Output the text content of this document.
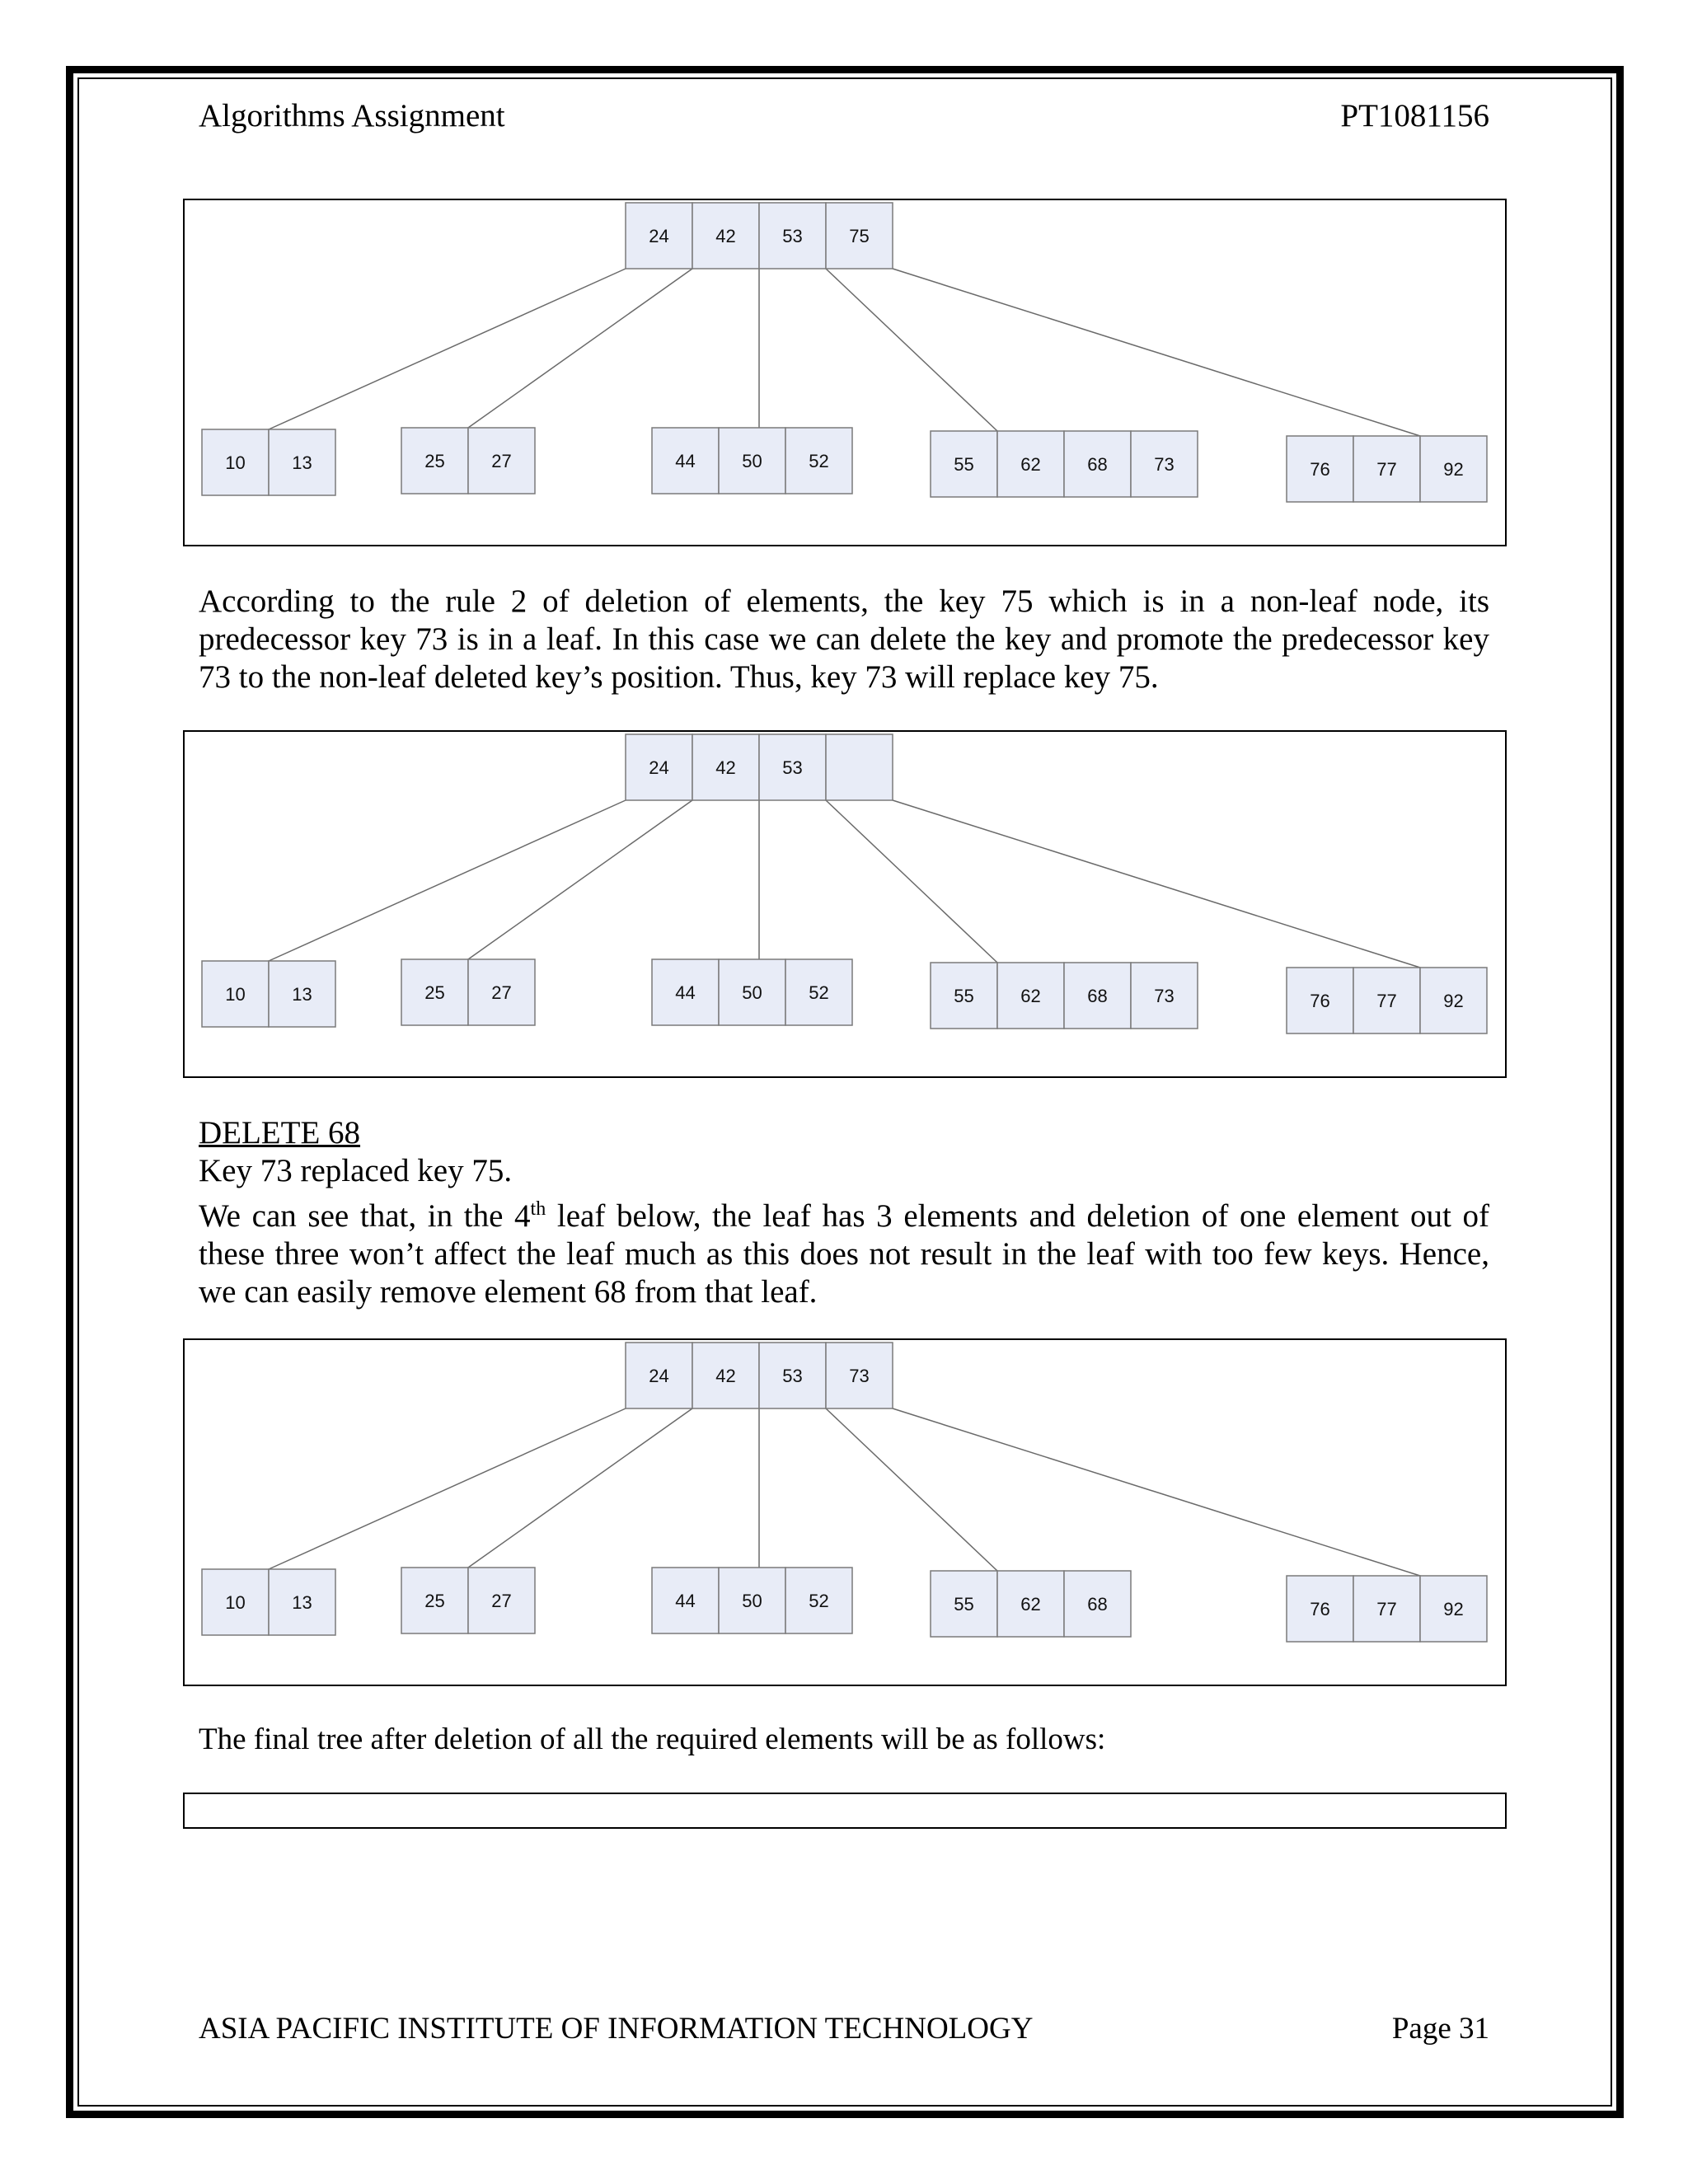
Algorithms Assignment	PT1081156
24	42	53	75
10	13	25	27	44	50	52	55	62	68	73	76	77	92
According to the rule 2 of deletion of elements, the key 75 which is in a non-leaf node, its predecessor key 73 is in a leaf. In this case we can delete the key and promote the predecessor key 73 to the non-leaf deleted key’s position. Thus, key 73 will replace key 75.
24	42	53
10	13	25	27	44	50	52	55	62	68	73	76	77	92
DELETE 68
Key 73 replaced key 75.
We can see that, in the 4th leaf below, the leaf has 3 elements and deletion of one element out of these three won’t affect the leaf much as this does not result in the leaf with too few keys. Hence, we can easily remove element 68 from that leaf.
24	42	53	73
10	13	25	27	44	50	52	55	62	68	76	77	92
The final tree after deletion of all the required elements will be as follows:
ASIA PACIFIC INSTITUTE OF INFORMATION TECHNOLOGY	Page 31
